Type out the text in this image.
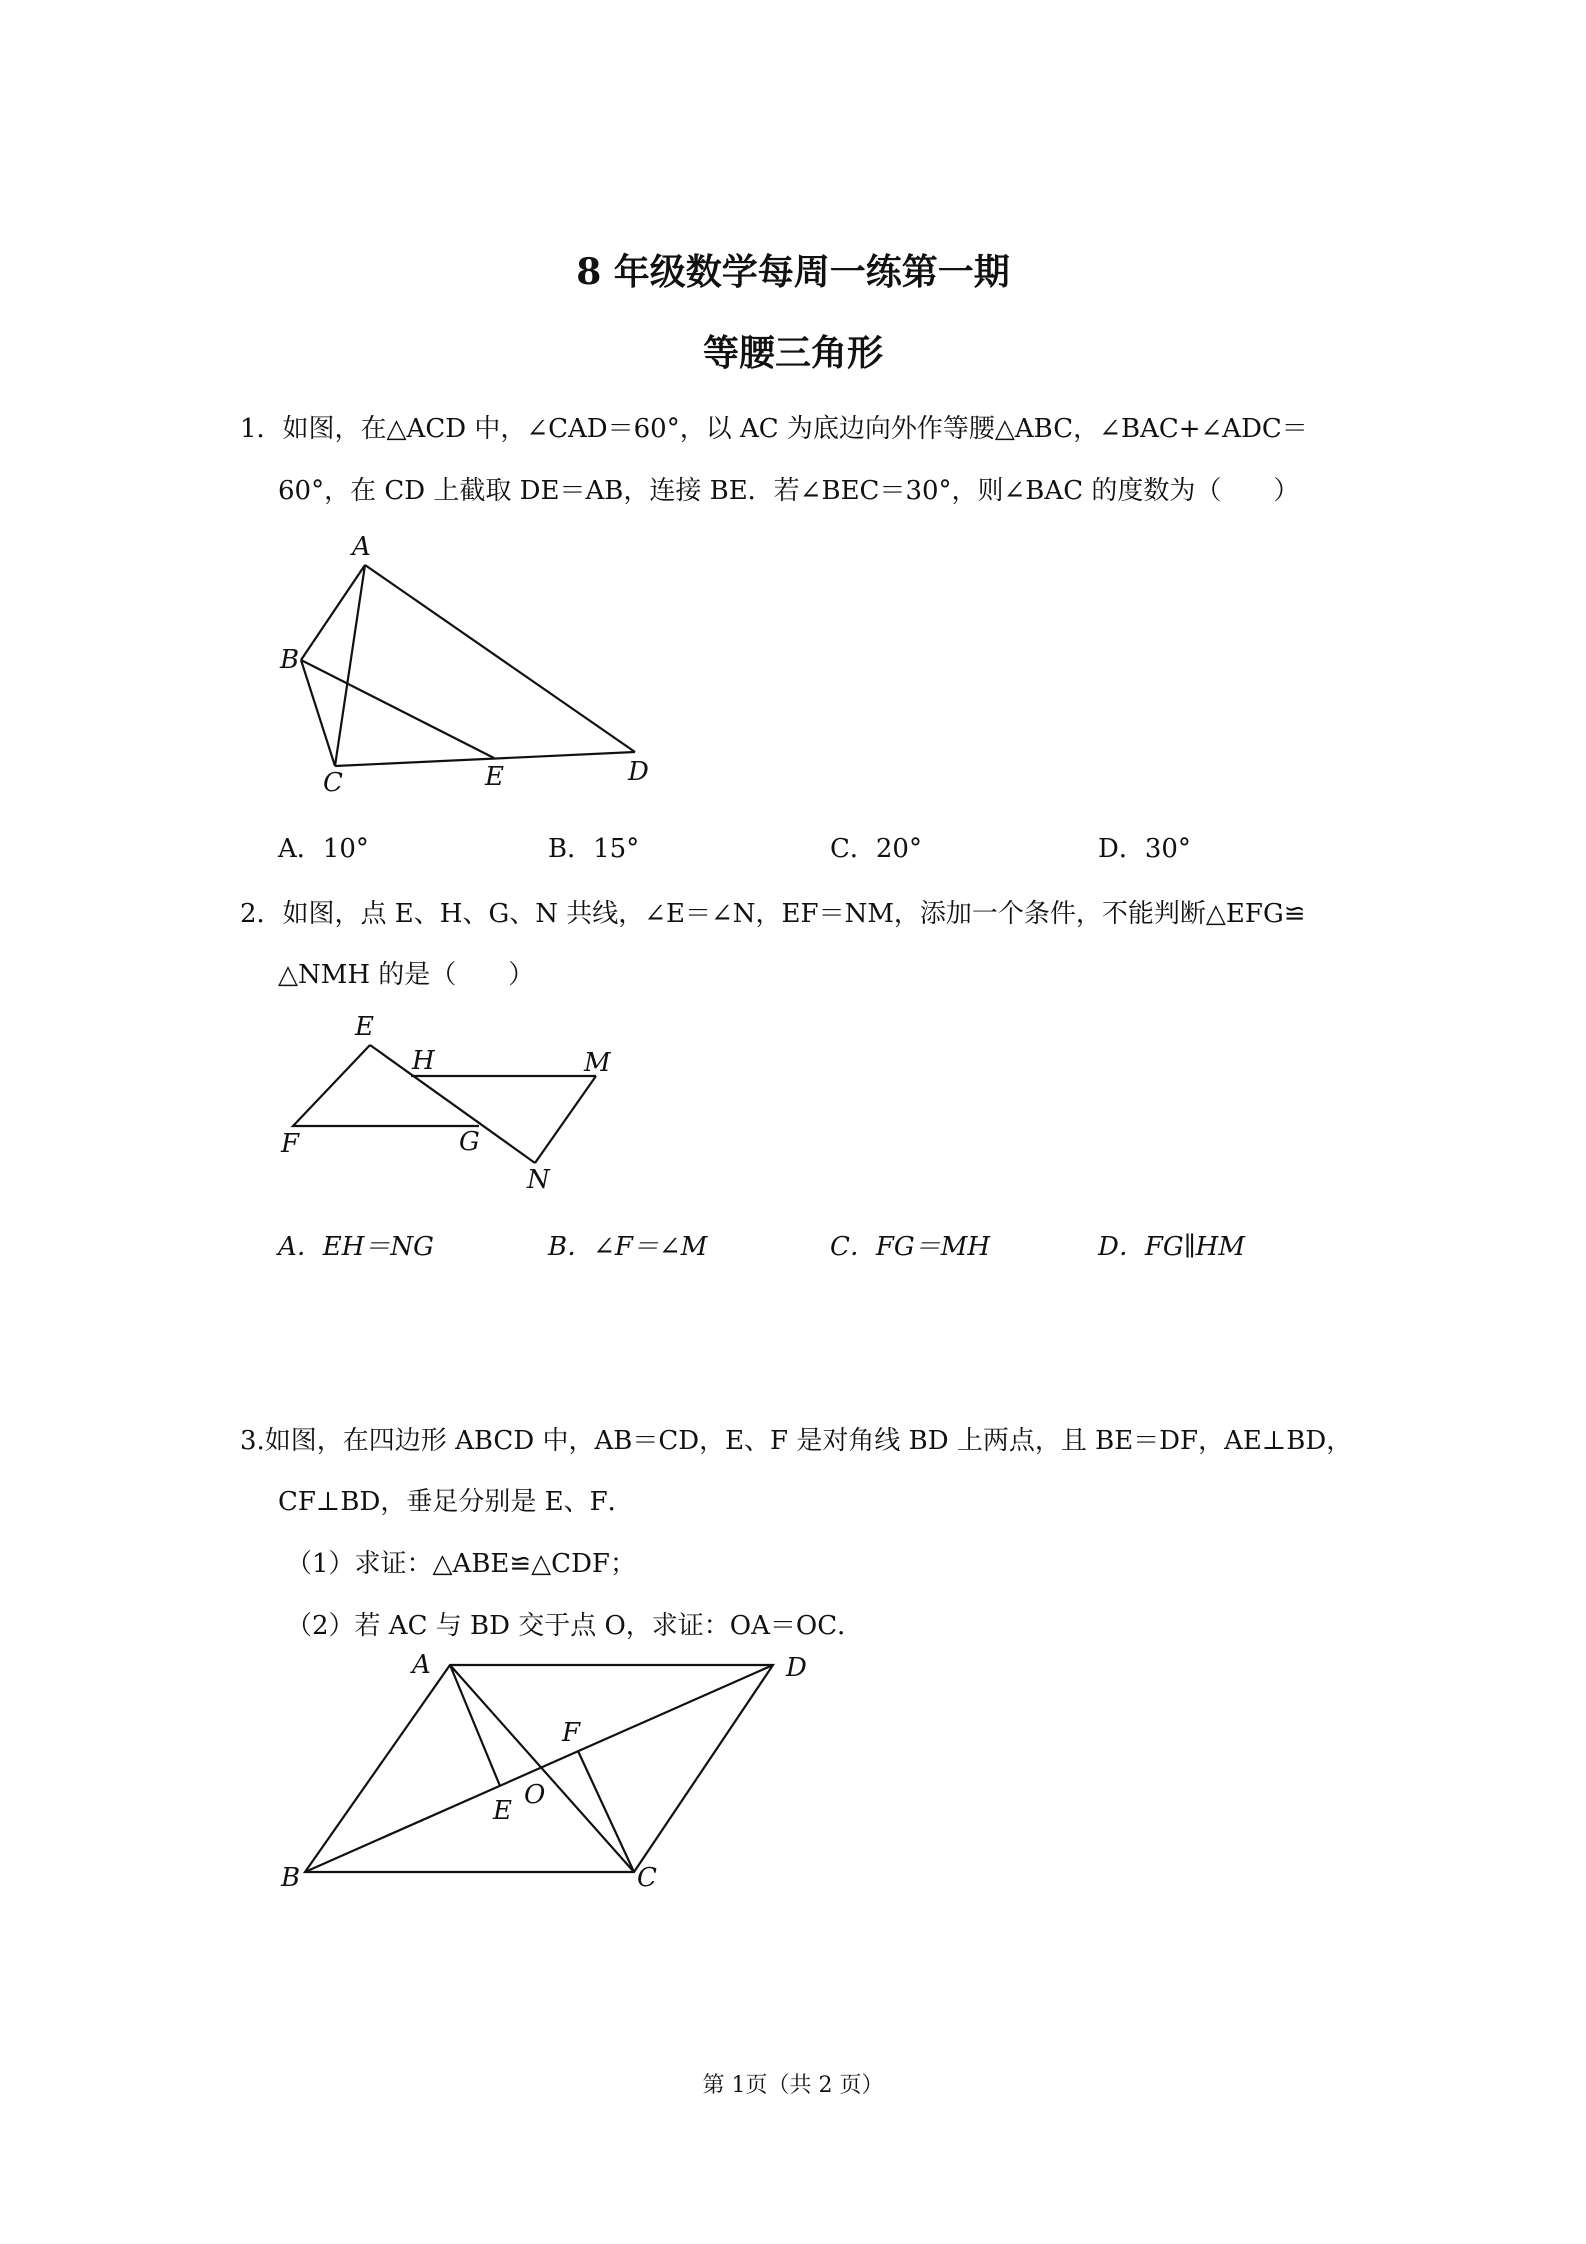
8 年级数学每周一练第一期
等腰三角形
1．如图，在△ACD 中，∠CAD＝60°，以 AC 为底边向外作等腰△ABC，∠BAC+∠ADC＝
60°，在 CD 上截取 DE＝AB，连接 BE．若∠BEC＝30°，则∠BAC 的度数为（　　）
A
B
C	E	D
A．10°	B．15°	C．20°	D．30°
2．如图，点 E、H、G、N 共线，∠E＝∠N，EF＝NM，添加一个条件，不能判断△EFG≌
△NMH 的是（　　）
E
H	M
F	G
N
A．EH＝NG	B．∠F＝∠M	C．FG＝MH	D．FG∥HM
3.如图，在四边形 ABCD 中，AB＝CD，E、F 是对角线 BD 上两点，且 BE＝DF，AE⊥BD，
CF⊥BD，垂足分别是 E、F．
（1）求证：△ABE≌△CDF；
（2）若 AC 与 BD 交于点 O，求证：OA＝OC．
A	D
F
O
E
B	C
第 1页（共 2 页）
